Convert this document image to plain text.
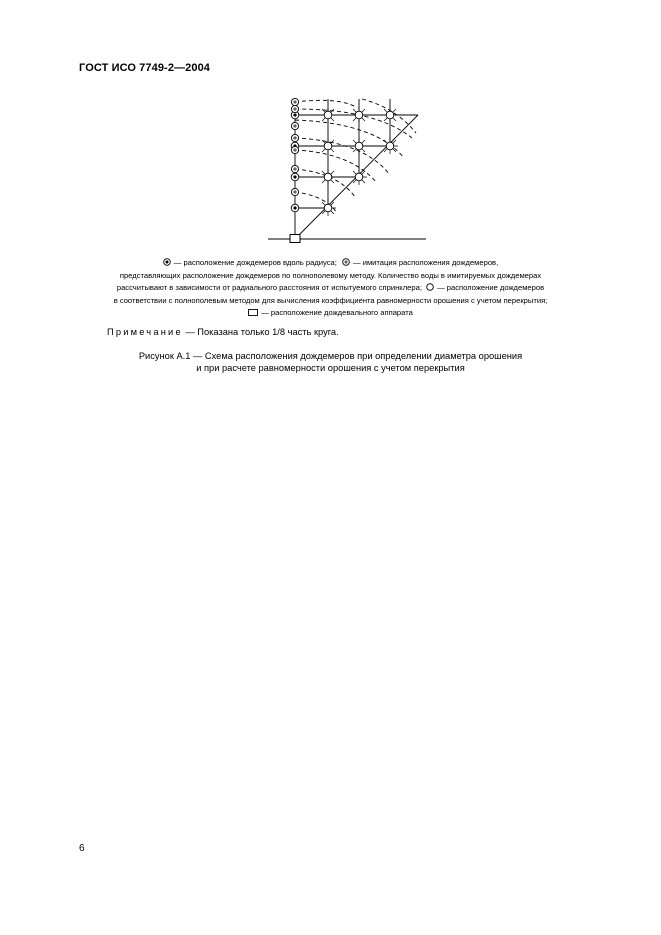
ГОСТ ИСО 7749-2—2004
— расположение дождемеров вдоль радиуса; — имитация расположения дождемеров,
представляющих расположение дождемеров по полнополевому методу. Количество воды в имитируемых дождемерах
рассчитывают в зависимости от радиального расстояния от испытуемого спринклера; — расположение дождемеров
в соответствии с полнополевым методом для вычисления коэффициента равномерности орошения с учетом перекрытия;
— расположение дождевального аппарата
Примечание — Показана только 1/8 часть круга.
Рисунок А.1 — Схема расположения дождемеров при определении диаметра орошения
и при расчете равномерности орошения с учетом перекрытия
6
